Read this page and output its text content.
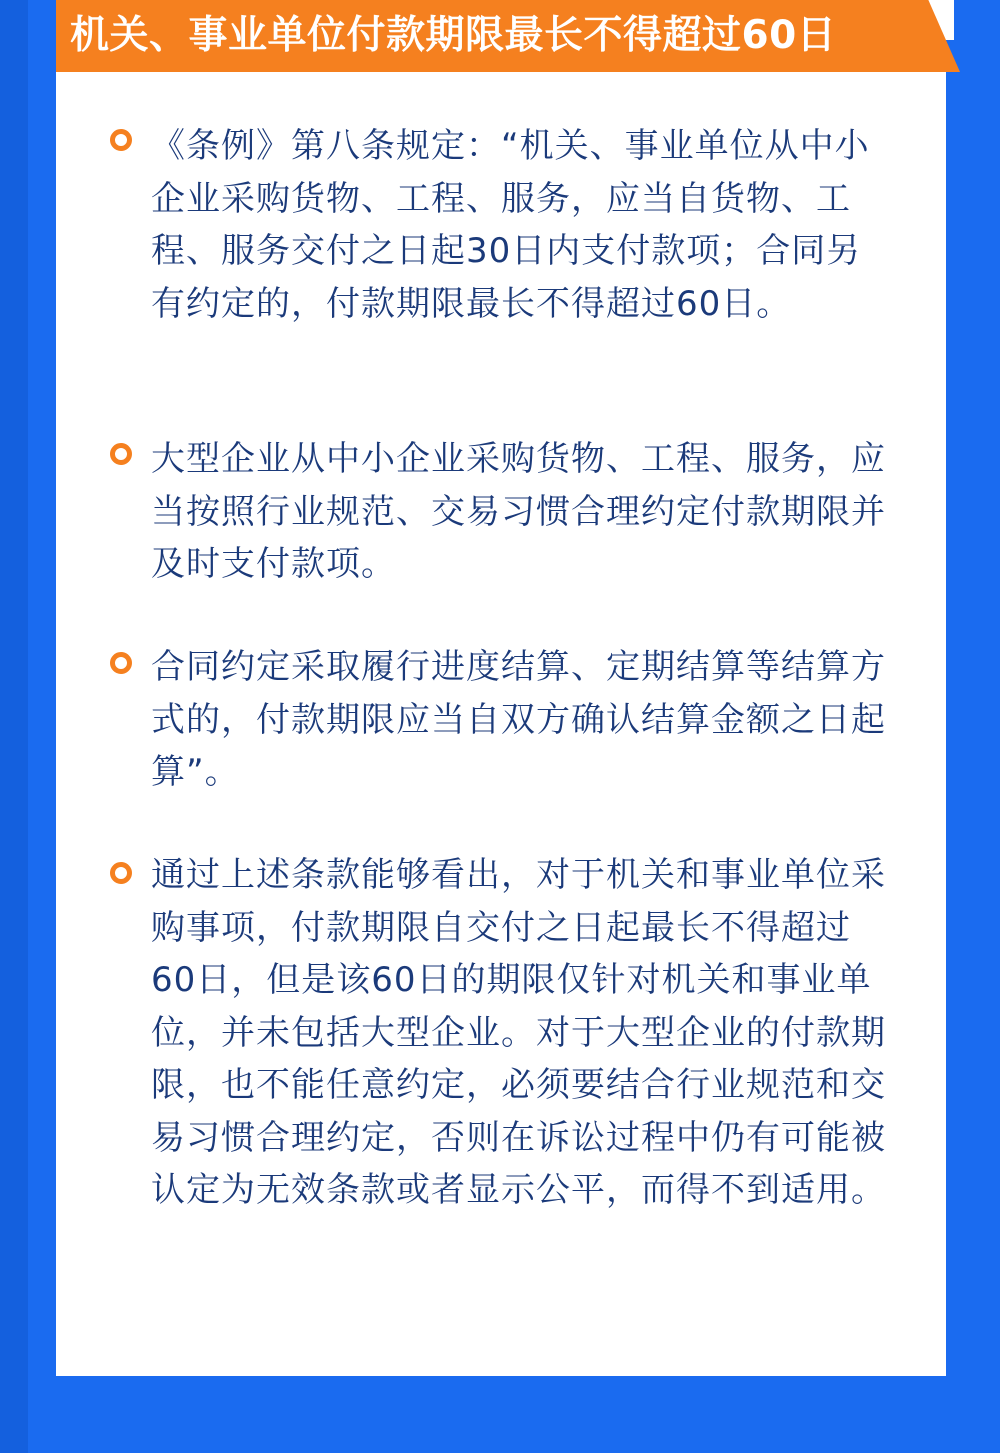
机关、事业单位付款期限最长不得超过60日

《条例》第八条规定：“机关、事业单位从中小企业采购货物、工程、服务，应当自货物、工程、服务交付之日起30日内支付款项；合同另有约定的，付款期限最长不得超过60日。

大型企业从中小企业采购货物、工程、服务，应当按照行业规范、交易习惯合理约定付款期限并及时支付款项。

合同约定采取履行进度结算、定期结算等结算方式的，付款期限应当自双方确认结算金额之日起算”。

通过上述条款能够看出，对于机关和事业单位采购事项，付款期限自交付之日起最长不得超过60日，但是该60日的期限仅针对机关和事业单位，并未包括大型企业。对于大型企业的付款期限，也不能任意约定，必须要结合行业规范和交易习惯合理约定，否则在诉讼过程中仍有可能被认定为无效条款或者显示公平，而得不到适用。
